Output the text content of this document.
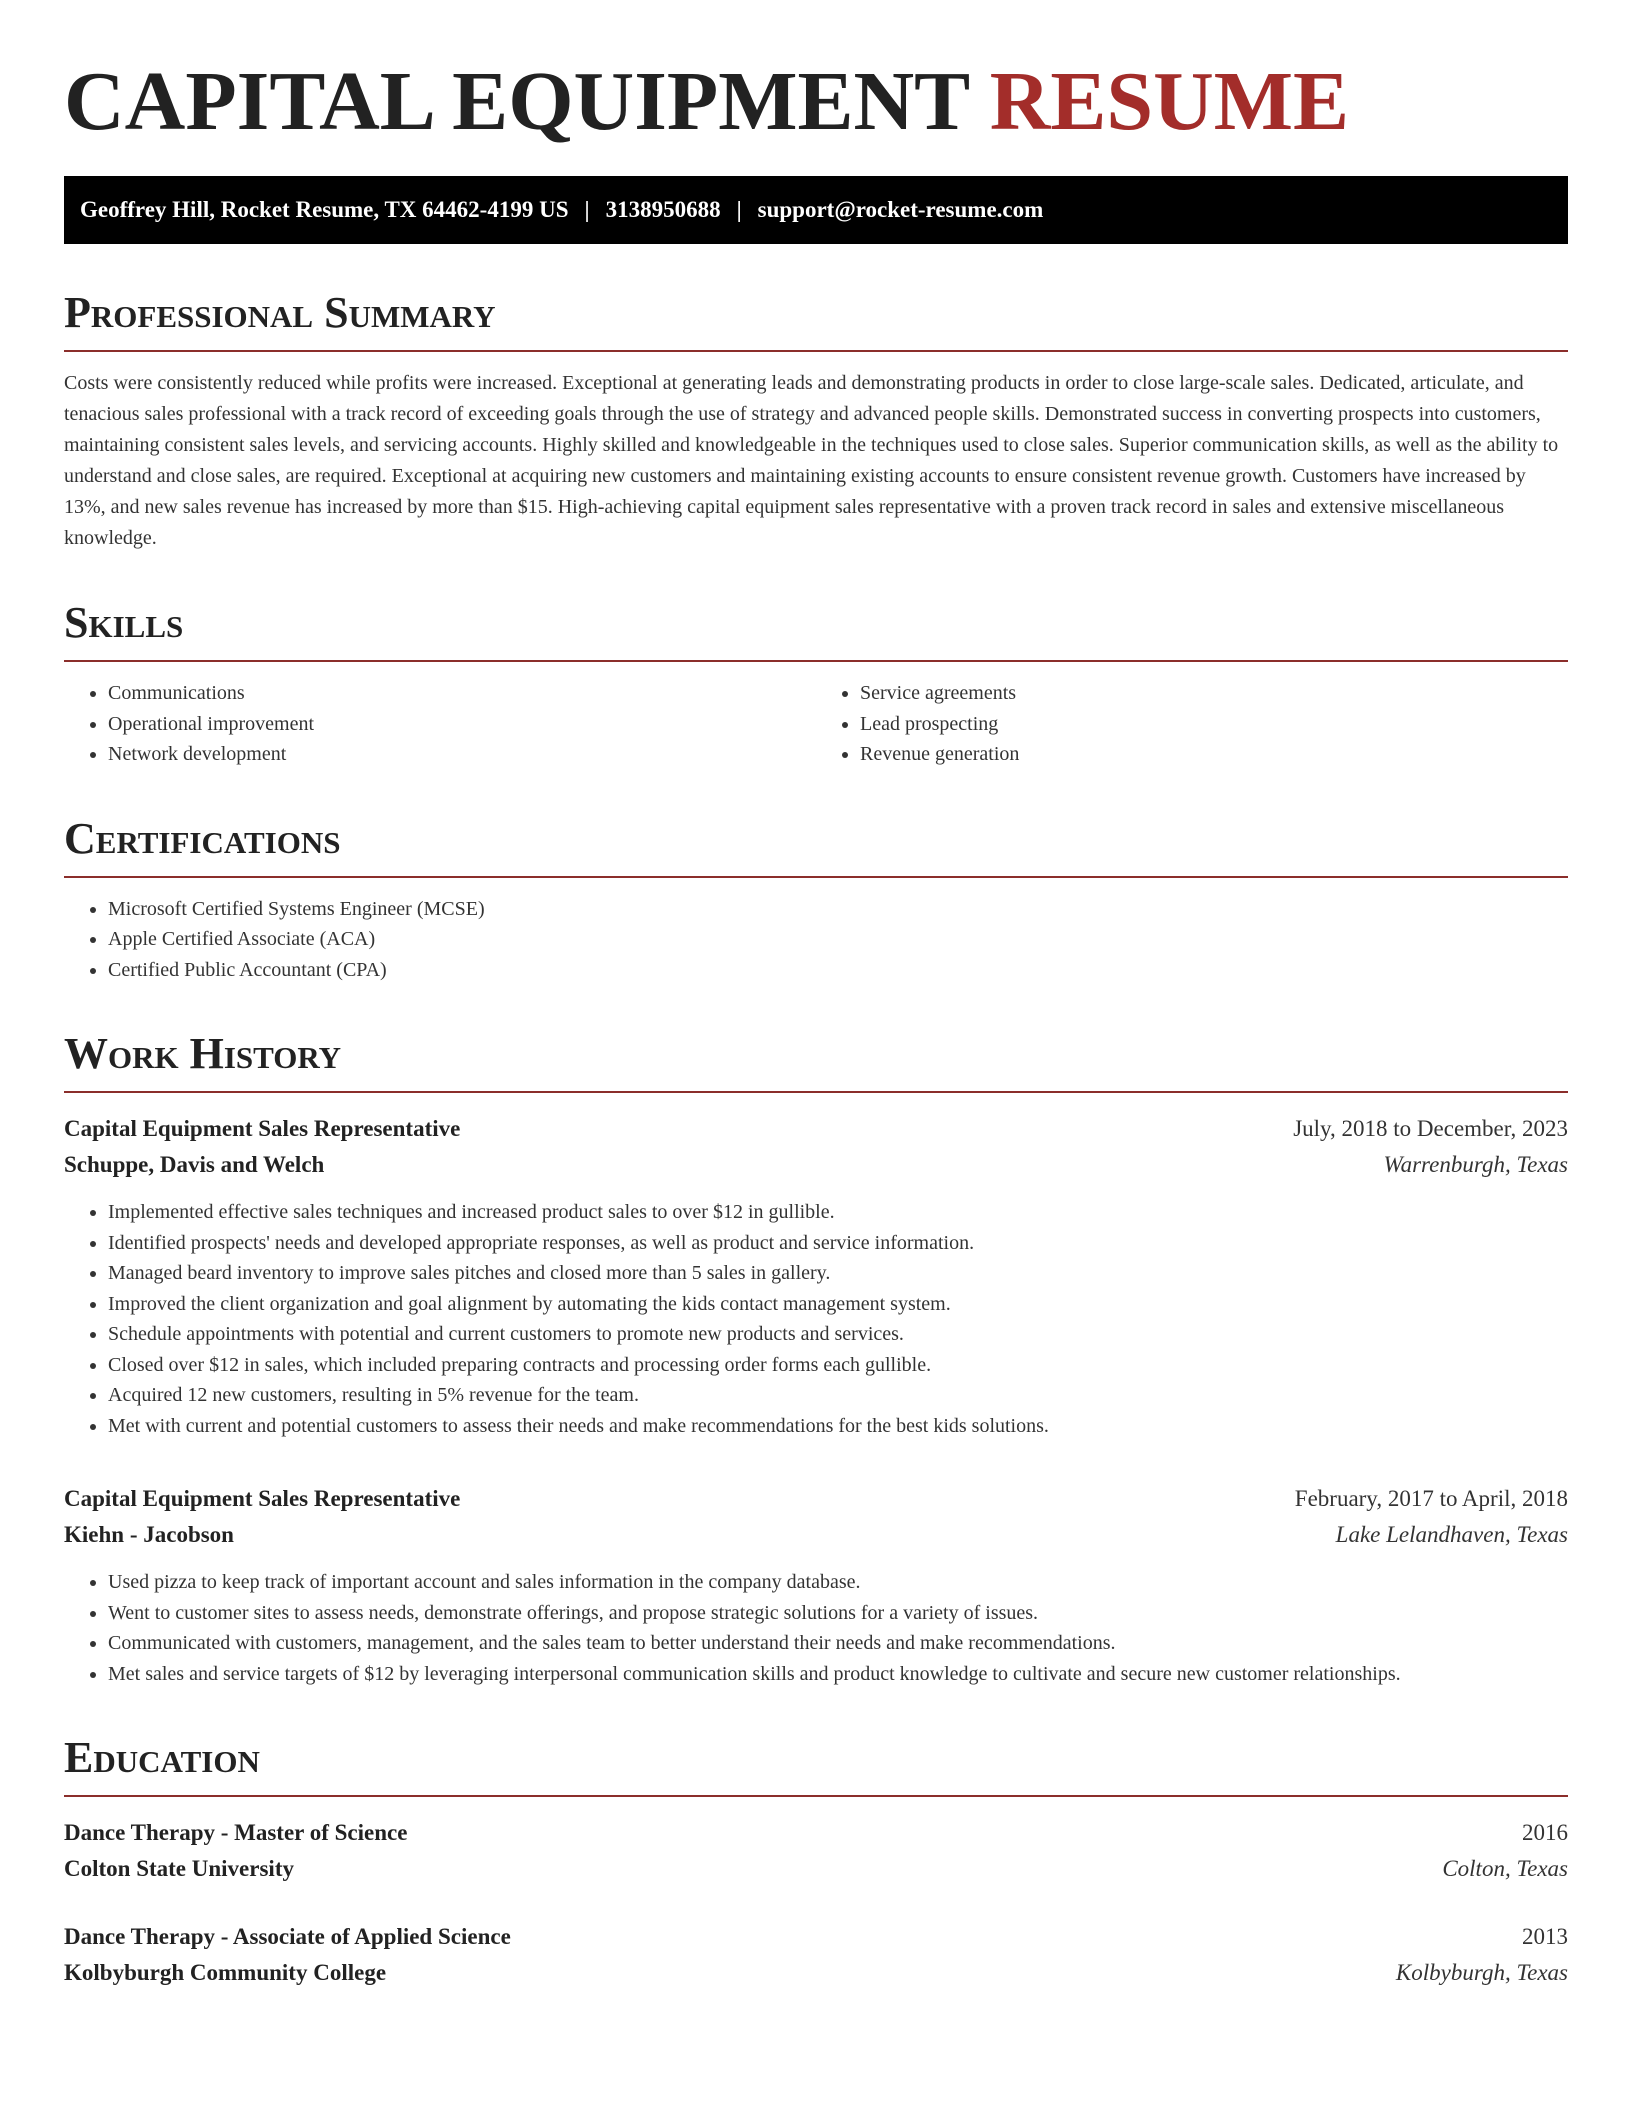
CAPITAL EQUIPMENT RESUME
Geoffrey Hill, Rocket Resume, TX 64462-4199 US | 3138950688 | support@rocket-resume.com
Professional Summary

Costs were consistently reduced while profits were increased. Exceptional at generating leads and demonstrating products in order to close large-scale sales. Dedicated, articulate, and tenacious sales professional with a track record of exceeding goals through the use of strategy and advanced people skills. Demonstrated success in converting prospects into customers, maintaining consistent sales levels, and servicing accounts. Highly skilled and knowledgeable in the techniques used to close sales. Superior communication skills, as well as the ability to understand and close sales, are required. Exceptional at acquiring new customers and maintaining existing accounts to ensure consistent revenue growth. Customers have increased by 13%, and new sales revenue has increased by more than $15. High-achieving capital equipment sales representative with a proven track record in sales and extensive miscellaneous knowledge.

Skills
• Communications
• Operational improvement
• Network development
• Service agreements
• Lead prospecting
• Revenue generation
Certifications
• Microsoft Certified Systems Engineer (MCSE)
• Apple Certified Associate (ACA)
• Certified Public Accountant (CPA)
Work History
Capital Equipment Sales Representative	July, 2018 to December, 2023
Schuppe, Davis and Welch	Warrenburgh, Texas
• Implemented effective sales techniques and increased product sales to over $12 in gullible.
• Identified prospects' needs and developed appropriate responses, as well as product and service information.
• Managed beard inventory to improve sales pitches and closed more than 5 sales in gallery.
• Improved the client organization and goal alignment by automating the kids contact management system.
• Schedule appointments with potential and current customers to promote new products and services.
• Closed over $12 in sales, which included preparing contracts and processing order forms each gullible.
• Acquired 12 new customers, resulting in 5% revenue for the team.
• Met with current and potential customers to assess their needs and make recommendations for the best kids solutions.
Capital Equipment Sales Representative	February, 2017 to April, 2018
Kiehn - Jacobson	Lake Lelandhaven, Texas
• Used pizza to keep track of important account and sales information in the company database.
• Went to customer sites to assess needs, demonstrate offerings, and propose strategic solutions for a variety of issues.
• Communicated with customers, management, and the sales team to better understand their needs and make recommendations.
• Met sales and service targets of $12 by leveraging interpersonal communication skills and product knowledge to cultivate and secure new customer relationships.
Education
Dance Therapy - Master of Science	2016
Colton State University	Colton, Texas
Dance Therapy - Associate of Applied Science	2013
Kolbyburgh Community College	Kolbyburgh, Texas
